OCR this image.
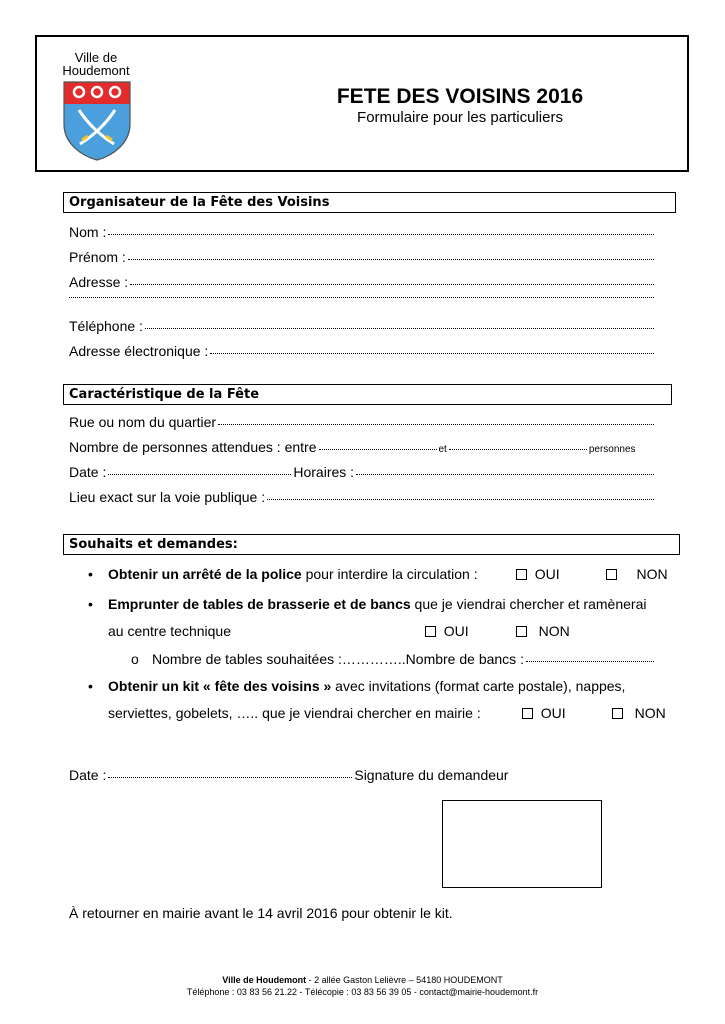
Ville de
Houdemont
FETE DES VOISINS 2016
Formulaire pour les particuliers
Organisateur de la Fête des Voisins
Nom :
Prénom :
Adresse :
Téléphone :
Adresse électronique :
Caractéristique de la Fête
Rue ou nom du quartier
Nombre de personnes attendues : entre	et	personnes
Date :	Horaires :
Lieu exact sur la voie publique :
Souhaits et demandes:
• Obtenir un arrêté de la police pour interdire la circulation :	OUI	NON
• Emprunter de tables de brasserie et de bancs que je viendrai chercher et ramènerai
au centre technique	OUI	NON
o Nombre de tables souhaitées : ………….. Nombre de bancs :
• Obtenir un kit « fête des voisins » avec invitations (format carte postale), nappes,
serviettes, gobelets, ….. que je viendrai chercher en mairie :	OUI	NON
Date :	Signature du demandeur
À retourner en mairie avant le 14 avril 2016 pour obtenir le kit.
Ville de Houdemont - 2 allée Gaston Lelièvre – 54180 HOUDEMONT
Téléphone : 03 83 56 21.22 - Télécopie : 03 83 56 39 05 - contact@mairie-houdemont.fr
